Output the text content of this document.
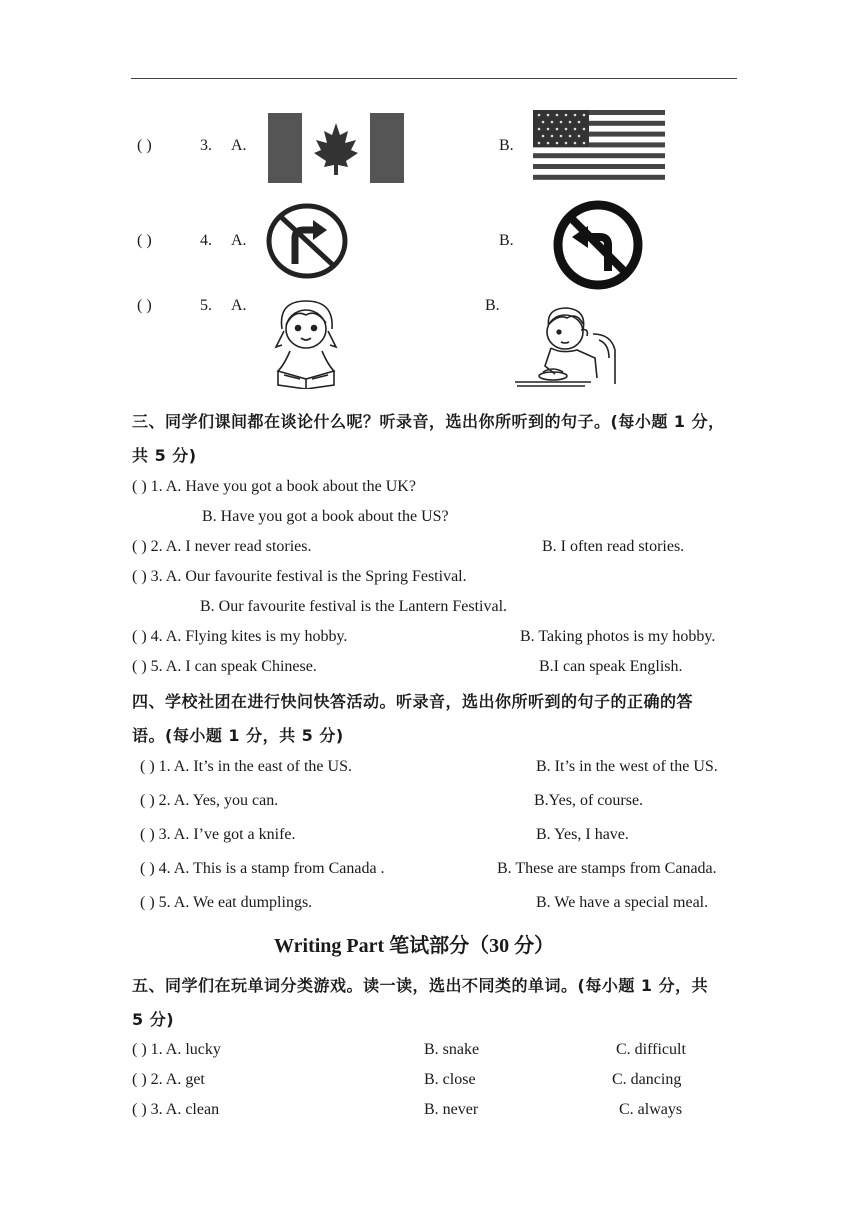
( )	3. A.	B.
( )	4. A.	B.
( )	5. A.	B.
三、同学们课间都在谈论什么呢？听录音，选出你所听到的句子。(每小题 1 分，
共 5 分)
( ) 1. A. Have you got a book about the UK?
B. Have you got a book about the US?
( ) 2. A. I never read stories.	B. I often read stories.
( ) 3. A. Our favourite festival is the Spring Festival.
B. Our favourite festival is the Lantern Festival.
( ) 4. A. Flying kites is my hobby.	B. Taking photos is my hobby.
( ) 5. A. I can speak Chinese.	B.I can speak English.
四、学校社团在进行快问快答活动。听录音，选出你所听到的句子的正确的答
语。(每小题 1 分，共 5 分)
( ) 1. A. It’s in the east of the US.	B. It’s in the west of the US.
( ) 2. A. Yes, you can.	B.Yes, of course.
( ) 3. A. I’ve got a knife.	B. Yes, I have.
( ) 4. A. This is a stamp from Canada .	B. These are stamps from Canada.
( ) 5. A. We eat dumplings.	B. We have a special meal.
Writing Part 笔试部分（30 分）
五、同学们在玩单词分类游戏。读一读，选出不同类的单词。(每小题 1 分，共
5 分)
( ) 1. A. lucky	B. snake	C. difficult
( ) 2. A. get	B. close	C. dancing
( ) 3. A. clean	B. never	C. always
